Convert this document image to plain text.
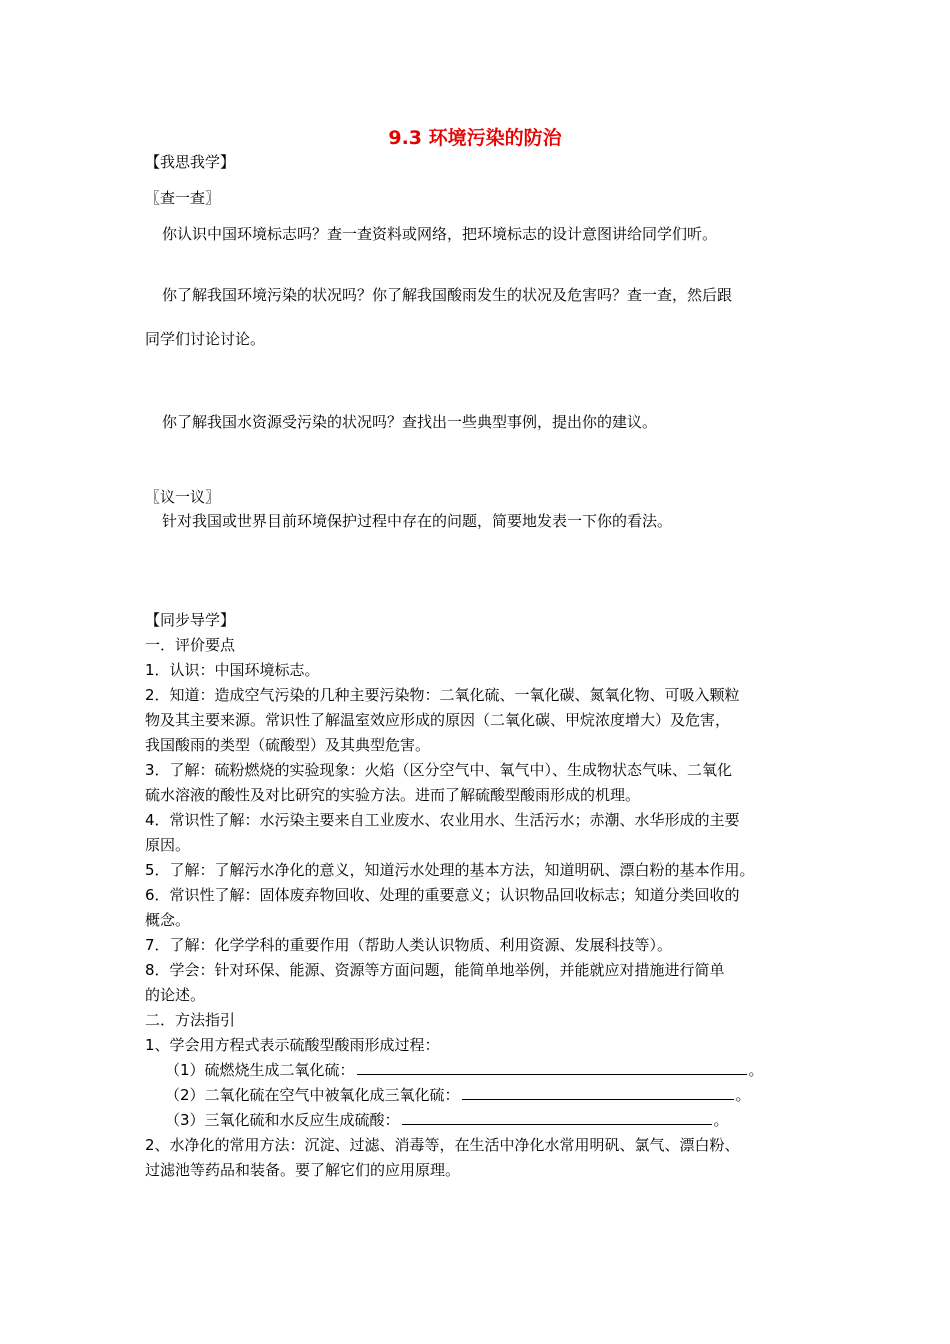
9.3 环境污染的防治
【我思我学】
〖查一查〗
你认识中国环境标志吗？查一查资料或网络，把环境标志的设计意图讲给同学们听。
你了解我国环境污染的状况吗？你了解我国酸雨发生的状况及危害吗？查一查，然后跟
同学们讨论讨论。
你了解我国水资源受污染的状况吗？查找出一些典型事例，提出你的建议。
〖议一议〗
针对我国或世界目前环境保护过程中存在的问题，简要地发表一下你的看法。
【同步导学】
一．评价要点
1．认识：中国环境标志。
2．知道：造成空气污染的几种主要污染物：二氧化硫、一氧化碳、氮氧化物、可吸入颗粒
物及其主要来源。常识性了解温室效应形成的原因（二氧化碳、甲烷浓度增大）及危害，
我国酸雨的类型（硫酸型）及其典型危害。
3．了解：硫粉燃烧的实验现象：火焰（区分空气中、氧气中）、生成物状态气味、二氧化
硫水溶液的酸性及对比研究的实验方法。进而了解硫酸型酸雨形成的机理。
4．常识性了解：水污染主要来自工业废水、农业用水、生活污水；赤潮、水华形成的主要
原因。
5．了解：了解污水净化的意义，知道污水处理的基本方法，知道明矾、漂白粉的基本作用。
6．常识性了解：固体废弃物回收、处理的重要意义；认识物品回收标志；知道分类回收的
概念。
7．了解：化学学科的重要作用（帮助人类认识物质、利用资源、发展科技等）。
8．学会：针对环保、能源、资源等方面问题，能简单地举例，并能就应对措施进行简单
的论述。
二．方法指引
1、学会用方程式表示硫酸型酸雨形成过程：
（1）硫燃烧生成二氧化硫：	。
（2）二氧化硫在空气中被氧化成三氧化硫：	。
（3）三氧化硫和水反应生成硫酸：	。
2、水净化的常用方法：沉淀、过滤、消毒等，在生活中净化水常用明矾、氯气、漂白粉、
过滤池等药品和装备。要了解它们的应用原理。
